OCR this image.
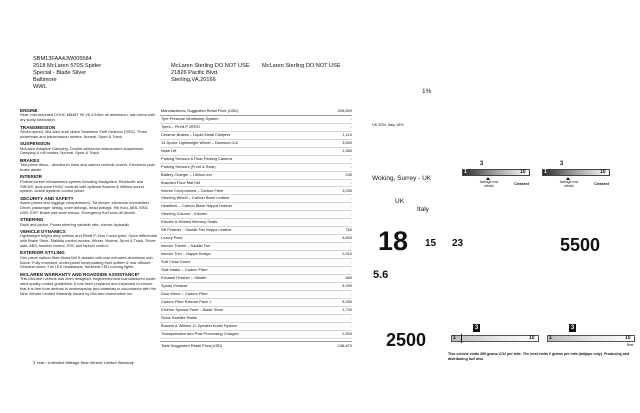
SBM13FAA4JW005584
2018 McLaren 570S Spider
Special - Blade Silver
Baltimore
WWL
McLaren Sterling DO NOT USE
21826 Pacific Blvd.
Sterling,VA,20166
McLaren Sterling DO NOT USE
ENGINE
Rear, mid-mounted DOHC M838T 90 V8 3.8 liter all aluminium, twin-turbo with dry sump lubrication.
TRANSMISSION
Seven-speed, McLaren dual clutch Seamless Shift Gearbox (SSG). Three powertrain and transmission modes: Normal, Sport & Track.
SUSPENSION
McLaren Adaptive Damping. Double-wishbone independent suspension. Damping & roll modes: Normal, Sport & Track.
BRAKES
Two-piece discs – aluminium hubs and carbon ceramic covers. Electronic park brake assist.
INTERIOR
Portrait screen infotainment system including Navigation, Bluetooth and SIRIUS, dual zone HVAC controls with optional Bowers & Wilkins sound system. Active dynamic control panel.
SECURITY AND SAFETY
Alarm (doors and luggage compartment). Tilt sensor, electronic immobiliser. Driver, passenger airbag, knee airbags, head airbags. Hill hold, ABS, EBD, ASR, ESP. Brake pad wear sensor. Emergency fuel shut-off device.
STEERING
Rack and pinion. Power steering variable rate, electro-hydraulic.
VEHICLE DYNAMICS
Lightweight forged alloy wheels and Pirelli P-Zero Corsa tyres. Open differential with Brake Steer. Stability control modes: Winter, Normal, Sport & Track. Driver aids: ABS, traction control, ESC and launch control.
EXTERIOR STYLING
One piece carbon fiber MonoCell II chassis with rear extruded aluminium sub-frame. Fully enclosed, under-panel incorporating front splitter & rear diffuser. Dihedral doors. Full LED headlamps, front/rear LED running lights.
MCLAREN WARRANTY AND ROADSIDE ASSISTANCE*
This McLaren vehicle has been designed, engineered and manufactured under strict quality control guidelines. It has been prepared and inspected to ensure that it is free from defects in workmanship and materials in accordance with the New Vehicle Limited Warranty issued by McLaren Automotive Inc.
3 Year / Unlimited Mileage New Vehicle Limited Warranty
Manufacturers Suggested Retail Price (USD)	208,800
Tyre Pressure Monitoring System	-
Tyres – Pirelli P ZERO	-
Ceramic Brakes – Liquid Metal Callipers	1,110
14-Spoke Lightweight Wheel – Diamond Cut	3,690
Nose Lift	1,560
Parking Sensors & Rear Parking Camera	-
Parking Sensors (Front & Rear)	-
Battery Charger – Lithium-ion	230
Branded Floor Mat Set	-
Interior Components – Carbon Fibre	3,090
Steering Wheel – Carbon Black Leather	-
Headliner – Carbon Black Nappa Leather	-
Steering Column – Electric	-
Electric & Heated Memory Seats	-
Sill Finisher – Saddle Tan Nappa Leather	760
Luxury Pack	6,800
Interior Theme – Saddle Tan	-
Interior Trim – Nappa Design	2,010
Soft Close Doors	-
Side Intake – Carbon Fibre	-
Exhaust Finisher – Stealth	560
Sports Exhaust	4,090
Door Mirror – Carbon Fibre	-
Carbon Fibre Exterior Pack 1	5,930
Exterior Special Paint – Blade Silver	1,740
Sirius Satellite Radio	-
Bowers & Wilkins 12 Speaker Audio System	-
Transportation and Post Processing Charges	2,500
Total Suggested Retail Price(USD)	248,870
1%
UK 50%, Italy 15%
Woking, Surrey - UK
UK
Italy
3
1	10
Average new vehicle	Cleanest
3
1	10
Average new vehicle	Cleanest
18 15 23	5500
5.6
2500
3
1	10
3
1	10
Best
This vehicle emits 390 grams CO2 per mile. The best emits 0 grams per mile (tailpipe only). Producing and distributing fuel also
